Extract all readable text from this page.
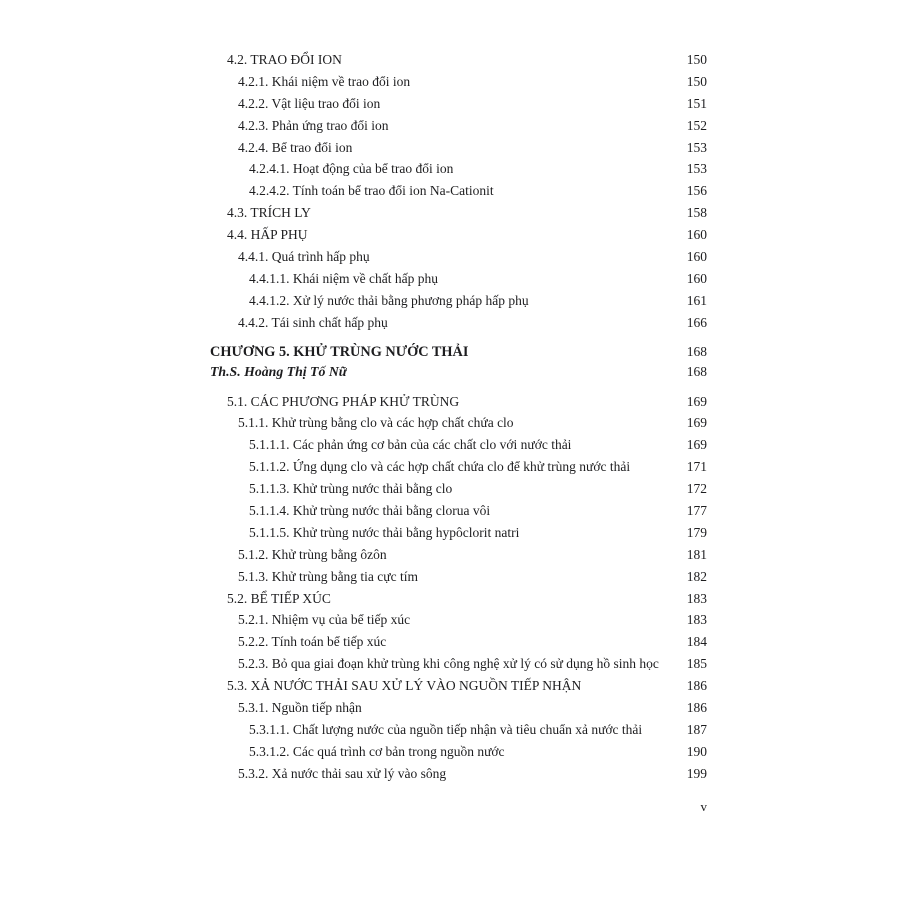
4.2. TRAO ĐỔI ION	150
4.2.1. Khái niệm về trao đổi ion	150
4.2.2. Vật liệu trao đổi ion	151
4.2.3. Phản ứng trao đổi ion	152
4.2.4. Bể trao đổi ion	153
4.2.4.1. Hoạt động của bể trao đổi ion	153
4.2.4.2. Tính toán bể trao đổi ion Na-Cationit	156
4.3. TRÍCH LY	158
4.4. HẤP PHỤ	160
4.4.1. Quá trình hấp phụ	160
4.4.1.1. Khái niệm về chất hấp phụ	160
4.4.1.2. Xử lý nước thải bằng phương pháp hấp phụ	161
4.4.2. Tái sinh chất hấp phụ	166
CHƯƠNG 5. KHỬ TRÙNG NƯỚC THẢI	168
Th.S. Hoàng Thị Tố Nữ	168
5.1. CÁC PHƯƠNG PHÁP KHỬ TRÙNG	169
5.1.1. Khử trùng bằng clo và các hợp chất chứa clo	169
5.1.1.1. Các phản ứng cơ bản của các chất clo với nước thải	169
5.1.1.2. Ứng dụng clo và các hợp chất chứa clo để khử trùng nước thải	171
5.1.1.3. Khử trùng nước thải bằng clo	172
5.1.1.4. Khử trùng nước thải bằng clorua vôi	177
5.1.1.5. Khử trùng nước thải bằng hypôclorit natri	179
5.1.2. Khử trùng bằng ôzôn	181
5.1.3. Khử trùng bằng tia cực tím	182
5.2. BỂ TIẾP XÚC	183
5.2.1. Nhiệm vụ của bể tiếp xúc	183
5.2.2. Tính toán bể tiếp xúc	184
5.2.3. Bỏ qua giai đoạn khử trùng khi công nghệ xử lý có sử dụng hồ sinh học	185
5.3. XẢ NƯỚC THẢI SAU XỬ LÝ VÀO NGUỒN TIẾP NHẬN	186
5.3.1. Nguồn tiếp nhận	186
5.3.1.1. Chất lượng nước của nguồn tiếp nhận và tiêu chuẩn xả nước thải	187
5.3.1.2. Các quá trình cơ bản trong nguồn nước	190
5.3.2. Xả nước thải sau xử lý vào sông	199
v
